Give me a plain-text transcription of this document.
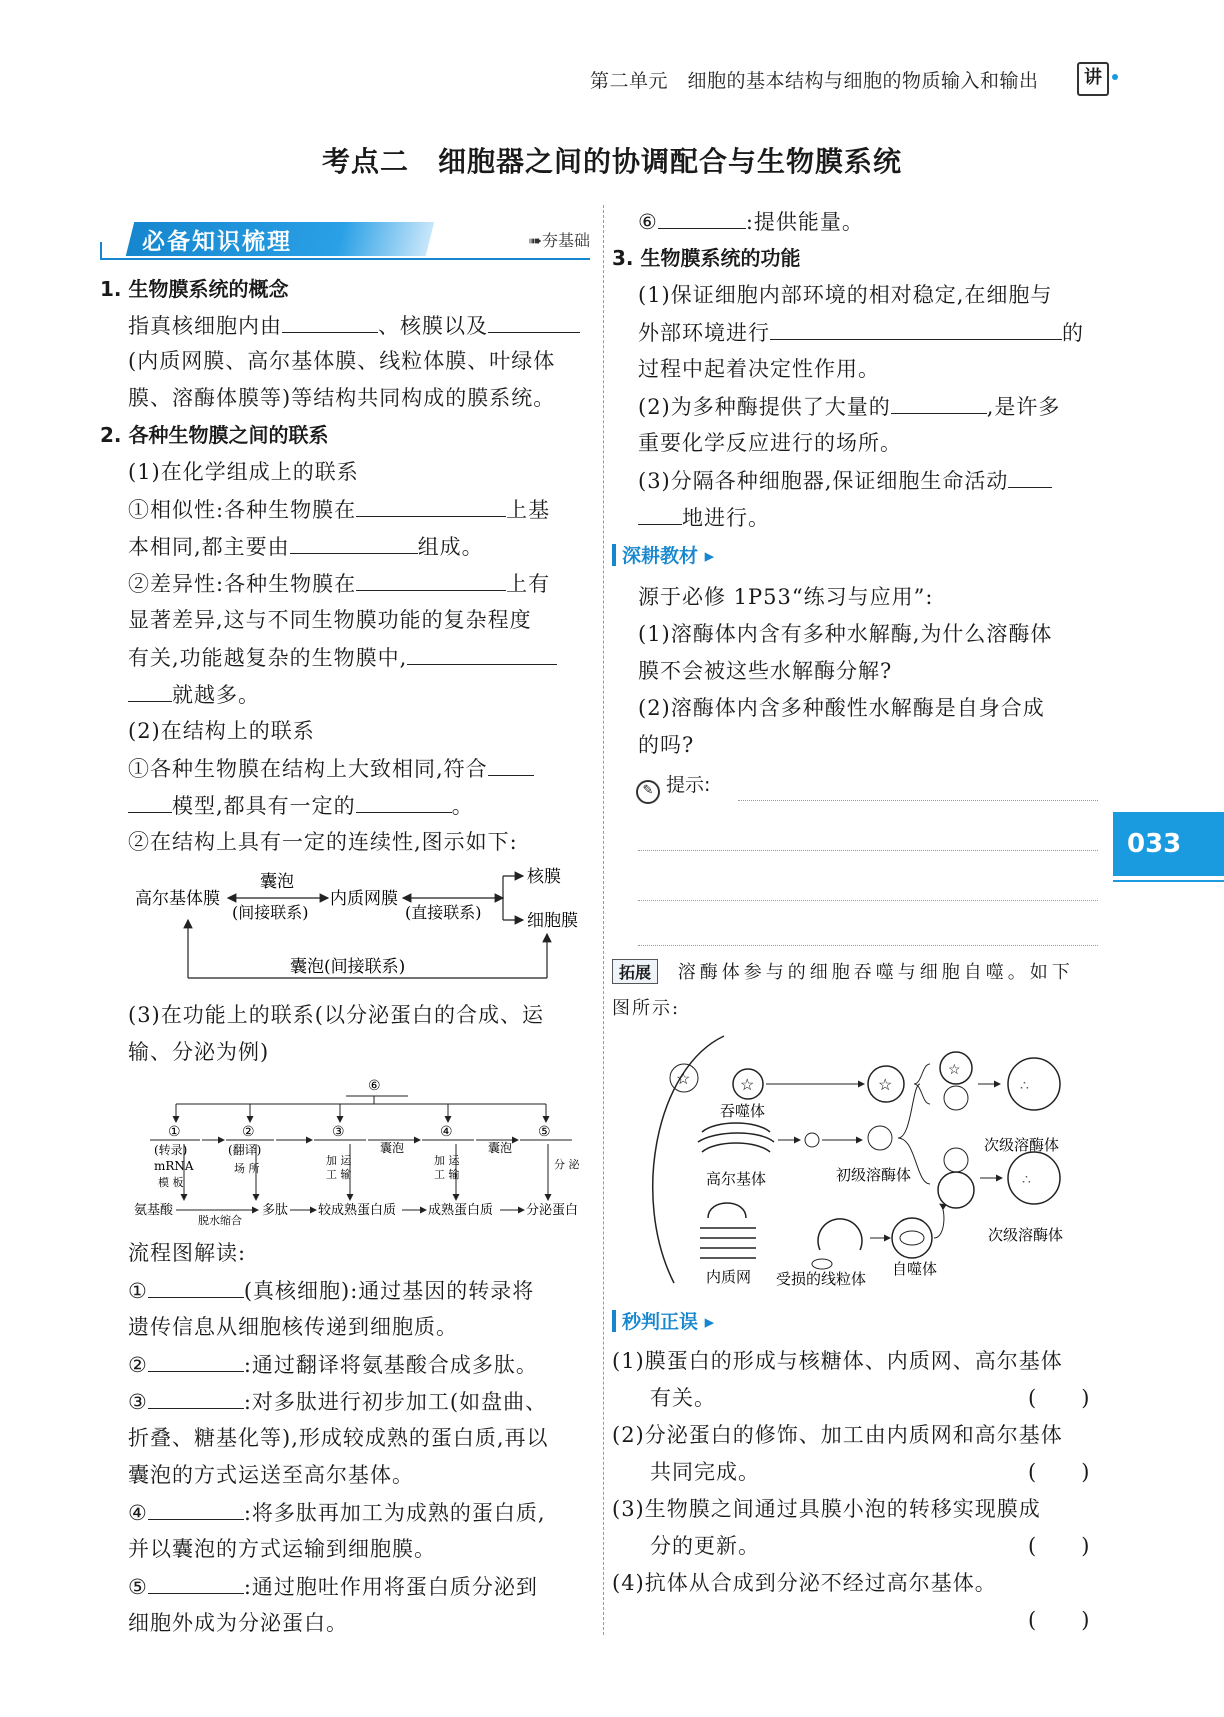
第二单元　细胞的基本结构与细胞的物质输入和输出	讲
考点二　细胞器之间的协调配合与生物膜系统
必备知识梳理	➠夯基础
1. 生物膜系统的概念
指真核细胞内由	、核膜以及
(内质网膜、高尔基体膜、线粒体膜、叶绿体
膜、溶酶体膜等)等结构共同构成的膜系统。
2. 各种生物膜之间的联系
(1)在化学组成上的联系
①相似性:各种生物膜在	上基
本相同,都主要由	组成。
②差异性:各种生物膜在	上有
显著差异,这与不同生物膜功能的复杂程度
有关,功能越复杂的生物膜中,
就越多。
(2)在结构上的联系
①各种生物膜在结构上大致相同,符合
模型,都具有一定的	。
②在结构上具有一定的连续性,图示如下:
高尔基体膜
囊泡
(间接联系)
内质网膜
(直接联系)
核膜
细胞膜
囊泡(间接联系)
(3)在功能上的联系(以分泌蛋白的合成、运
输、分泌为例)
⑥
①	②	③	④	⑤
(转录)	(翻译)	囊泡	囊泡
mRNA
模 板
场 所
加 运
工 输
加 运
工 输
分 泌
氨基酸
脱水缩合
多肽 较成熟蛋白质 成熟蛋白质	分泌蛋白
流程图解读:
①	(真核细胞):通过基因的转录将
遗传信息从细胞核传递到细胞质。
②	:通过翻译将氨基酸合成多肽。
③	:对多肽进行初步加工(如盘曲、
折叠、糖基化等),形成较成熟的蛋白质,再以
囊泡的方式运送至高尔基体。
④	:将多肽再加工为成熟的蛋白质,
并以囊泡的方式运输到细胞膜。
⑤	:通过胞吐作用将蛋白质分泌到
细胞外成为分泌蛋白。
⑥	:提供能量。
3. 生物膜系统的功能
(1)保证细胞内部环境的相对稳定,在细胞与
外部环境进行	的
过程中起着决定性作用。
(2)为多种酶提供了大量的	,是许多
重要化学反应进行的场所。
(3)分隔各种细胞器,保证细胞生命活动
地进行。
深耕教材 ▸
源于必修 1P53“练习与应用”:
(1)溶酶体内含有多种水解酶,为什么溶酶体
膜不会被这些水解酶分解?
(2)溶酶体内含多种酸性水解酶是自身合成
的吗?
✎ 提示:
拓展 溶酶体参与的细胞吞噬与细胞自噬。如下
图所示:
☆	☆
吞噬体
☆
☆
∴
次级溶酶体
高尔基体	初级溶酶体	∴
次级溶酶体
内质网 受损的线粒体
自噬体
秒判正误 ▸
(1)膜蛋白的形成与核糖体、内质网、高尔基体
有关。	(　　)
(2)分泌蛋白的修饰、加工由内质网和高尔基体
共同完成。	(　　)
(3)生物膜之间通过具膜小泡的转移实现膜成
分的更新。	(　　)
(4)抗体从合成到分泌不经过高尔基体。
(　　)
033
